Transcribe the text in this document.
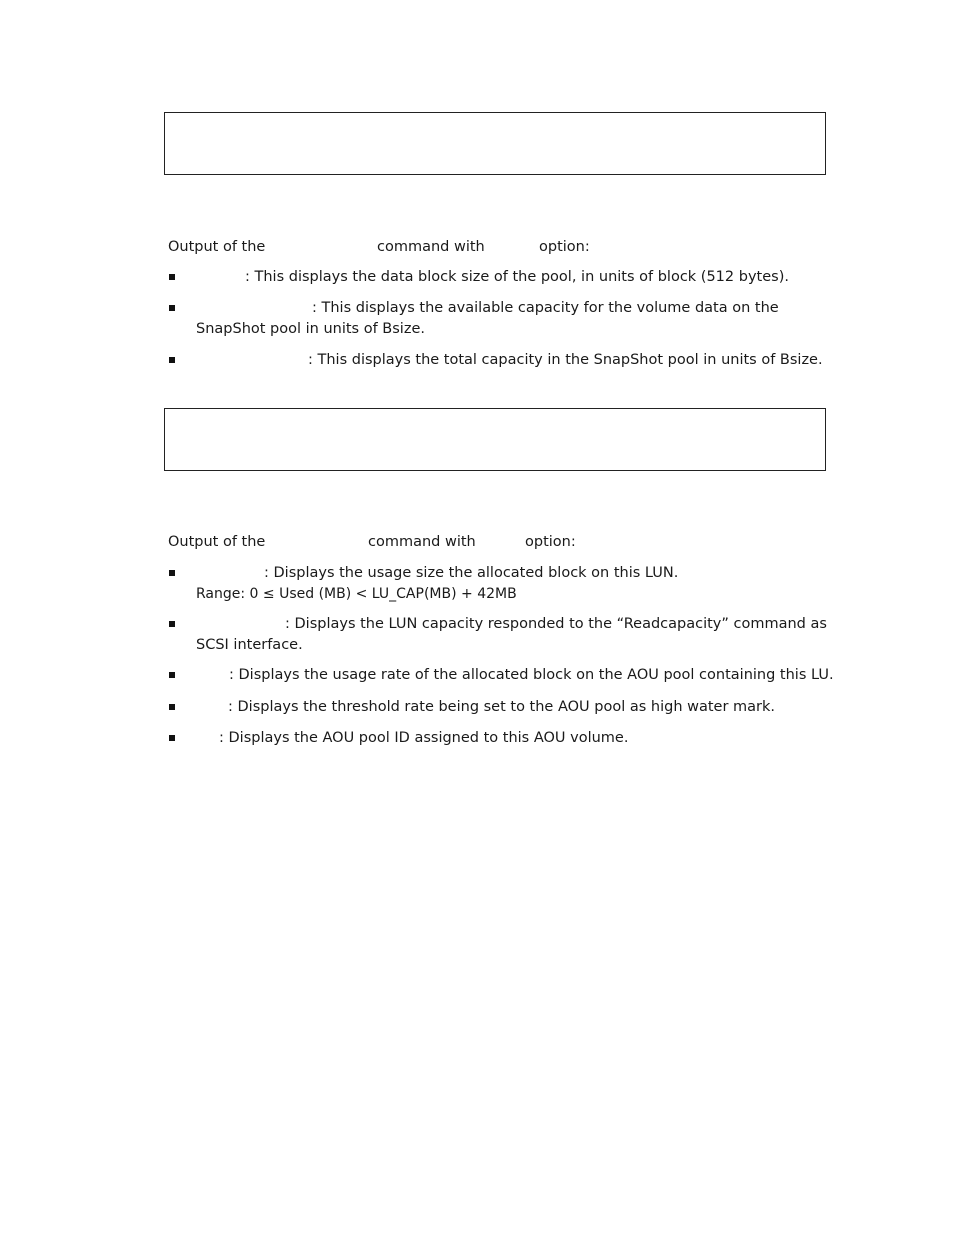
Output of the	command with	option:
: This displays the data block size of the pool, in units of block (512 bytes).
: This displays the available capacity for the volume data on the
SnapShot pool in units of Bsize.
: This displays the total capacity in the SnapShot pool in units of Bsize.
Output of the	command with	option:
: Displays the usage size the allocated block on this LUN.
Range: 0 ≤ Used (MB) < LU_CAP(MB) + 42MB
: Displays the LUN capacity responded to the “Readcapacity” command as
SCSI interface.
: Displays the usage rate of the allocated block on the AOU pool containing this LU.
: Displays the threshold rate being set to the AOU pool as high water mark.
: Displays the AOU pool ID assigned to this AOU volume.
